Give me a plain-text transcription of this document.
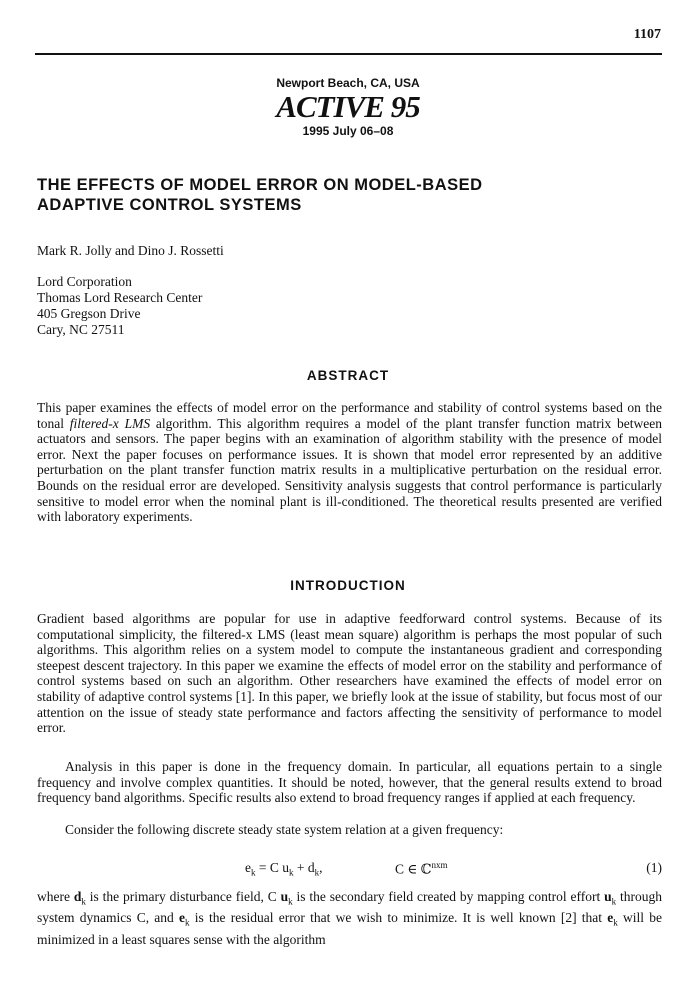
1107
Newport Beach, CA, USA
ACTIVE 95
1995 July 06–08
THE EFFECTS OF MODEL ERROR ON MODEL-BASED
ADAPTIVE CONTROL SYSTEMS
Mark R. Jolly and Dino J. Rossetti
Lord Corporation
Thomas Lord Research Center
405 Gregson Drive
Cary, NC 27511
ABSTRACT
This paper examines the effects of model error on the performance and stability of control systems based on the tonal filtered-x LMS algorithm. This algorithm requires a model of the plant transfer function matrix between actuators and sensors. The paper begins with an examination of algorithm stability with the presence of model error. Next the paper focuses on performance issues. It is shown that model error represented by an additive perturbation on the plant transfer function matrix results in a multiplicative perturbation on the residual error. Bounds on the residual error are developed. Sensitivity analysis suggests that control performance is particularly sensitive to model error when the nominal plant is ill-conditioned. The theoretical results presented are verified with laboratory experiments.
INTRODUCTION
Gradient based algorithms are popular for use in adaptive feedforward control systems. Because of its computational simplicity, the filtered-x LMS (least mean square) algorithm is perhaps the most popular of such algorithms. This algorithm relies on a system model to compute the instantaneous gradient and corresponding steepest descent trajectory. In this paper we examine the effects of model error on the stability and performance of control systems based on such an algorithm. Other researchers have examined the effects of model error on stability of adaptive control systems [1]. In this paper, we briefly look at the issue of stability, but focus most of our attention on the issue of steady state performance and factors affecting the sensitivity of performance to model error.
Analysis in this paper is done in the frequency domain. In particular, all equations pertain to a single frequency and involve complex quantities. It should be noted, however, that the general results extend to broad frequency band algorithms. Specific results also extend to broad frequency ranges if applied at each frequency.
Consider the following discrete steady state system relation at a given frequency:
$e_k = C$ $u_k + d_k$,	C ∈ ℂ$^{nxm}$	(1)
where $d_k$ is the primary disturbance field, C $u_k$ is the secondary field created by mapping control effort $u_k$ through system dynamics C, and $e_k$ is the residual error that we wish to minimize. It is well known [2] that $e_k$ will be minimized in a least squares sense with the algorithm
